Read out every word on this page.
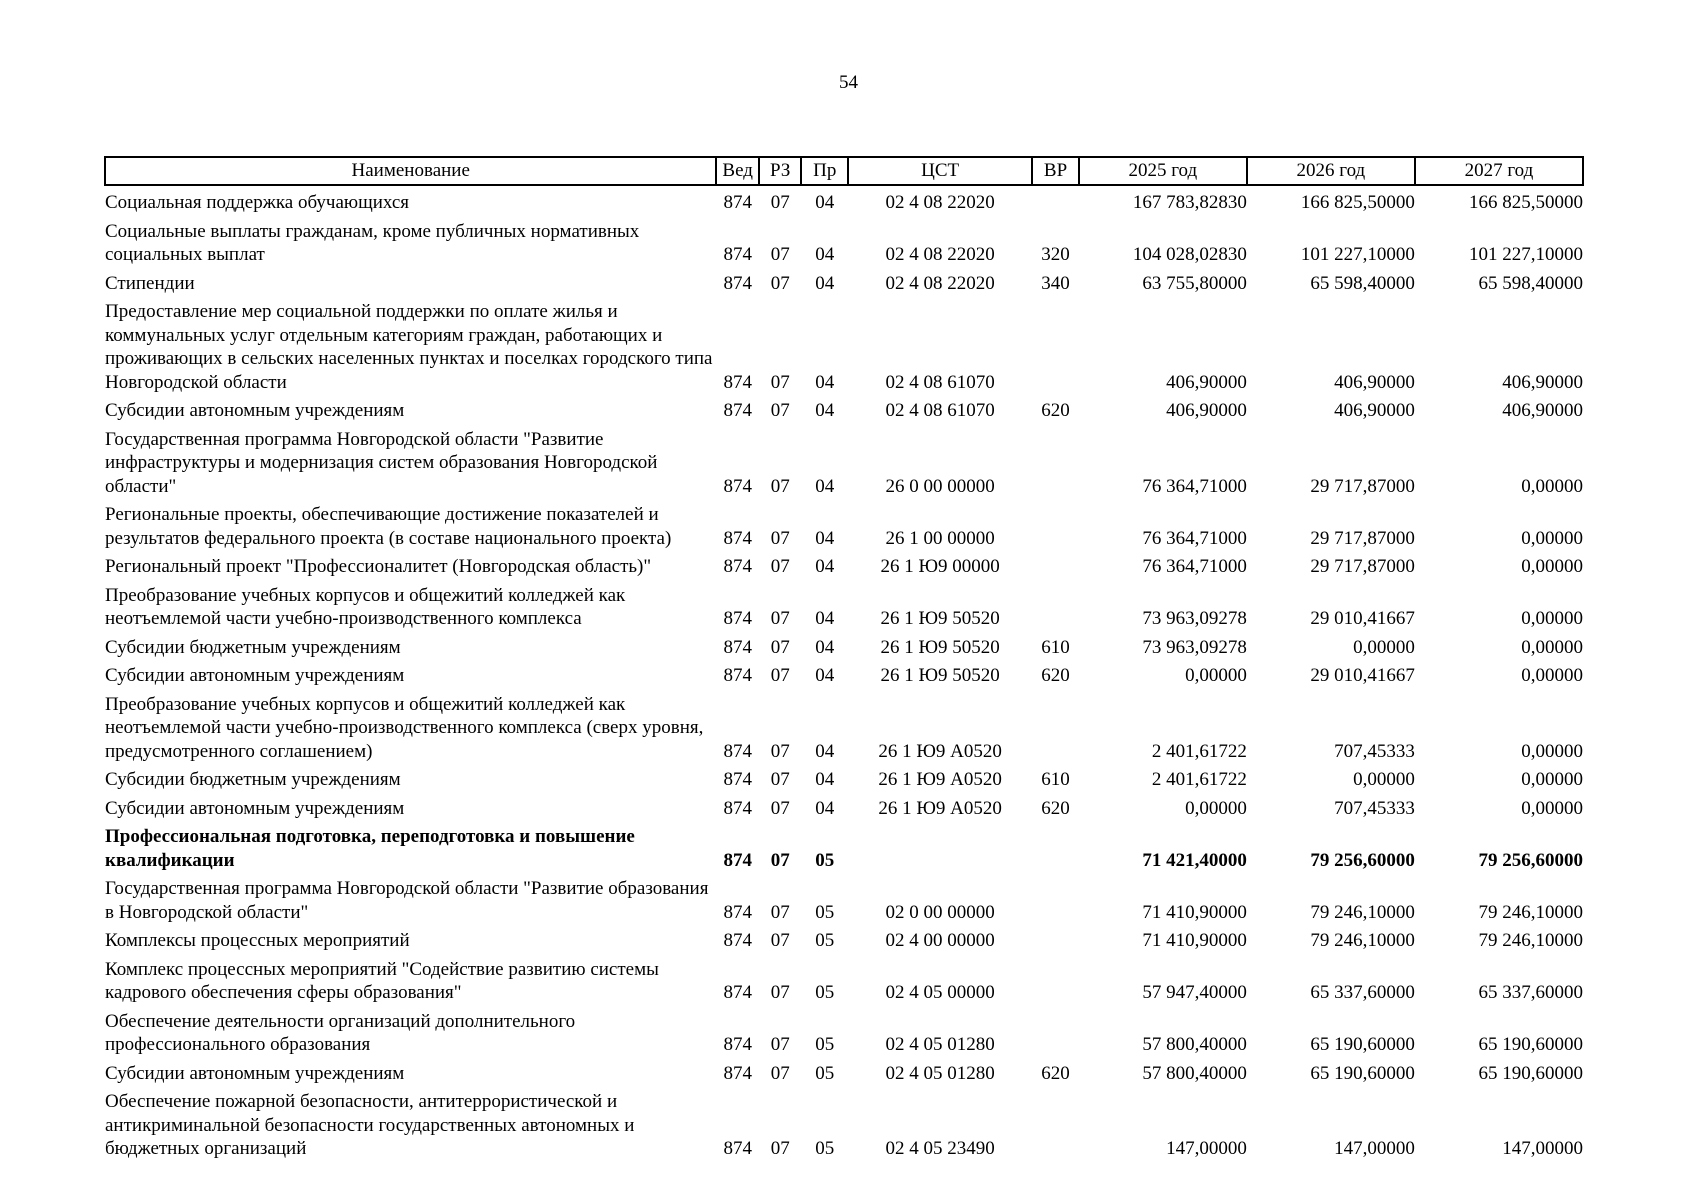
54
Наименование	Вед	РЗ	Пр	ЦСТ	ВР	2025 год	2026 год	2027 год

Социальная поддержка обучающихся	874	07	04	02 4 08 22020		167 783,82830	166 825,50000	166 825,50000
Социальные выплаты гражданам, кроме публичных нормативных социальных выплат	874	07	04	02 4 08 22020	320	104 028,02830	101 227,10000	101 227,10000
Стипендии	874	07	04	02 4 08 22020	340	63 755,80000	65 598,40000	65 598,40000
Предоставление мер социальной поддержки по оплате жилья и коммунальных услуг отдельным категориям граждан, работающих и проживающих в сельских населенных пунктах и поселках городского типа Новгородской области	874	07	04	02 4 08 61070		406,90000	406,90000	406,90000
Субсидии автономным учреждениям	874	07	04	02 4 08 61070	620	406,90000	406,90000	406,90000
Государственная программа Новгородской области "Развитие инфраструктуры и модернизация систем образования Новгородской области"	874	07	04	26 0 00 00000		76 364,71000	29 717,87000	0,00000
Региональные проекты, обеспечивающие достижение показателей и результатов федерального проекта (в составе национального проекта)	874	07	04	26 1 00 00000		76 364,71000	29 717,87000	0,00000
Региональный проект "Профессионалитет (Новгородская область)"	874	07	04	26 1 Ю9 00000		76 364,71000	29 717,87000	0,00000
Преобразование учебных корпусов и общежитий колледжей как неотъемлемой части учебно-производственного комплекса	874	07	04	26 1 Ю9 50520		73 963,09278	29 010,41667	0,00000
Субсидии бюджетным учреждениям	874	07	04	26 1 Ю9 50520	610	73 963,09278	0,00000	0,00000
Субсидии автономным учреждениям	874	07	04	26 1 Ю9 50520	620	0,00000	29 010,41667	0,00000
Преобразование учебных корпусов и общежитий колледжей как неотъемлемой части учебно-производственного комплекса (сверх уровня, предусмотренного соглашением)	874	07	04	26 1 Ю9 А0520		2 401,61722	707,45333	0,00000
Субсидии бюджетным учреждениям	874	07	04	26 1 Ю9 А0520	610	2 401,61722	0,00000	0,00000
Субсидии автономным учреждениям	874	07	04	26 1 Ю9 А0520	620	0,00000	707,45333	0,00000
Профессиональная подготовка, переподготовка и повышение квалификации	874	07	05			71 421,40000	79 256,60000	79 256,60000
Государственная программа Новгородской области "Развитие образования в Новгородской области"	874	07	05	02 0 00 00000		71 410,90000	79 246,10000	79 246,10000
Комплексы процессных мероприятий	874	07	05	02 4 00 00000		71 410,90000	79 246,10000	79 246,10000
Комплекс процессных мероприятий "Содействие развитию системы кадрового обеспечения сферы образования"	874	07	05	02 4 05 00000		57 947,40000	65 337,60000	65 337,60000
Обеспечение деятельности организаций дополнительного профессионального образования	874	07	05	02 4 05 01280		57 800,40000	65 190,60000	65 190,60000
Субсидии автономным учреждениям	874	07	05	02 4 05 01280	620	57 800,40000	65 190,60000	65 190,60000
Обеспечение пожарной безопасности, антитеррористической и антикриминальной безопасности государственных автономных и бюджетных организаций	874	07	05	02 4 05 23490		147,00000	147,00000	147,00000
